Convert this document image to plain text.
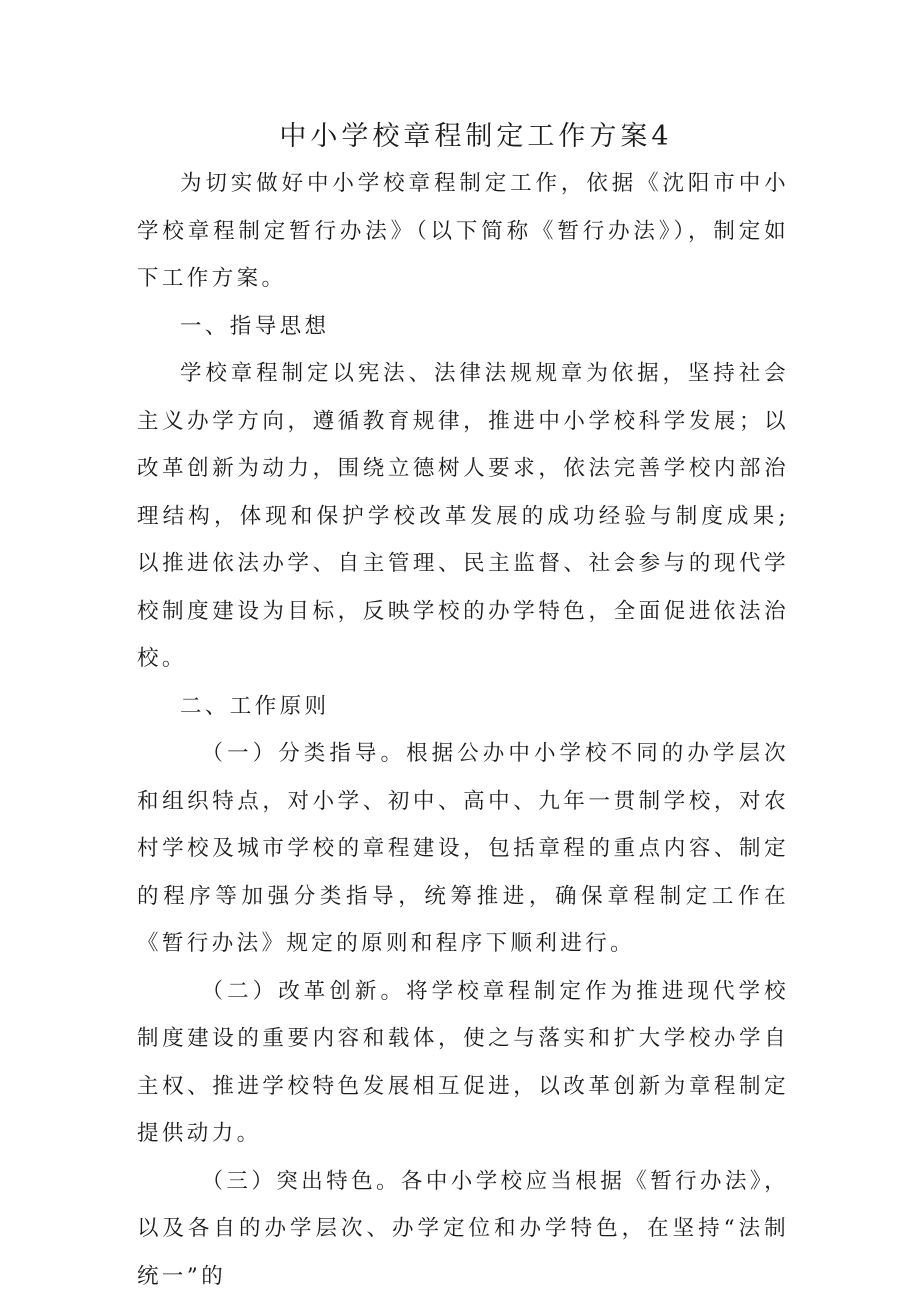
中小学校章程制定工作方案4

为切实做好中小学校章程制定工作，依据《沈阳市中小学校章程制定暂行办法》（以下简称《暂行办法》），制定如下工作方案。

一、指导思想

学校章程制定以宪法、法律法规规章为依据，坚持社会主义办学方向，遵循教育规律，推进中小学校科学发展；以改革创新为动力，围绕立德树人要求，依法完善学校内部治理结构，体现和保护学校改革发展的成功经验与制度成果;以推进依法办学、自主管理、民主监督、社会参与的现代学校制度建设为目标，反映学校的办学特色，全面促进依法治校。

二、工作原则

（一）分类指导。根据公办中小学校不同的办学层次和组织特点，对小学、初中、高中、九年一贯制学校，对农村学校及城市学校的章程建设，包括章程的重点内容、制定的程序等加强分类指导，统筹推进，确保章程制定工作在《暂行办法》规定的原则和程序下顺利进行。

（二）改革创新。将学校章程制定作为推进现代学校制度建设的重要内容和载体，使之与落实和扩大学校办学自主权、推进学校特色发展相互促进，以改革创新为章程制定提供动力。

（三）突出特色。各中小学校应当根据《暂行办法》，以及各自的办学层次、办学定位和办学特色，在坚持“法制统一”的
